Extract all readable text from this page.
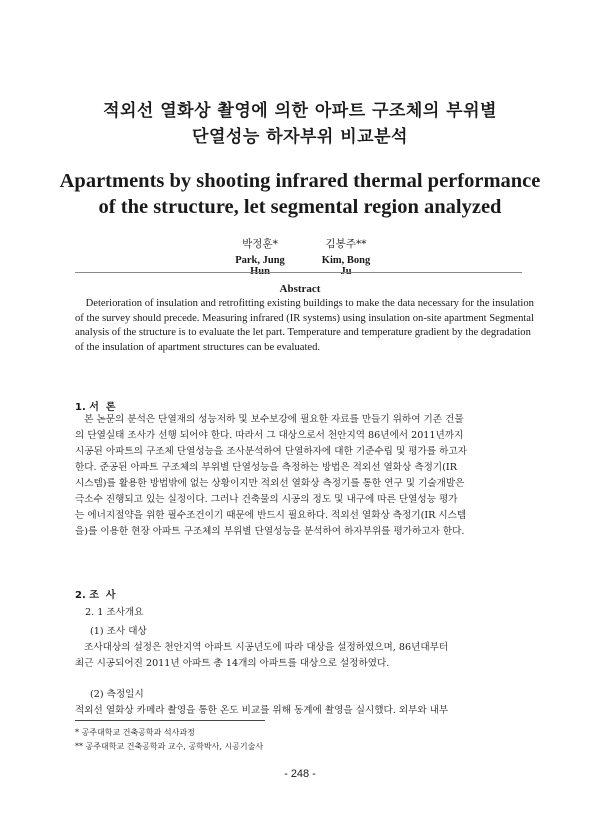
적외선 열화상 촬영에 의한 아파트 구조체의 부위별
단열성능 하자부위 비교분석
Apartments by shooting infrared thermal performance
of the structure, let segmental region analyzed
박정훈*
Park, Jung Hun
김봉주**
Kim, Bong Ju
Abstract
Deterioration of insulation and retrofitting existing buildings to make the data necessary for the insulation
of the survey should precede. Measuring infrared (IR systems) using insulation on-site apartment Segmental
analysis of the structure is to evaluate the let part. Temperature and temperature gradient by the degradation
of the insulation of apartment structures can be evaluated.
1. 서  론
본 논문의 분석은 단열재의 성능저하 및 보수보강에 필요한 자료를 만들기 위하여 기존 건물
의 단열실태 조사가 선행 되어야 한다. 따라서 그 대상으로서 천안지역 86년에서 2011년까지
시공된 아파트의 구조체 단열성능을 조사분석하여 단열하자에 대한 기준수립 및 평가를 하고자
한다. 준공된 아파트 구조체의 부위별 단열성능을 측정하는 방법은 적외선 열화상 측정기(IR
시스템)를 활용한 방법밖에 없는 상황이지만 적외선 열화상 측정기를 통한 연구 및 기술개발은
극소수 진행되고 있는 실정이다. 그러나 건축물의 시공의 정도 및 내구에 따른 단열성능 평가
는 에너지절약을 위한 필수조건이기 때문에 반드시 필요하다. 적외선 열화상 측정기(IR 시스템
을)를 이용한 현장 아파트 구조체의 부위별 단열성능을 분석하여 하자부위를 평가하고자 한다.
2. 조  사
2. 1 조사개요
(1) 조사 대상
조사대상의 설정은 천안지역 아파트 시공년도에 따라 대상을 설정하였으며, 86년대부터
최근 시공되어진 2011년 아파트 총 14개의 아파트를 대상으로 설정하였다.
(2) 측정일시
적외선 열화상 카메라 촬영을 통한 온도 비교를 위해 동계에 촬영을 실시했다. 외부와 내부
* 공주대학교 건축공학과 석사과정
** 공주대학교 건축공학과 교수, 공학박사, 시공기술사
- 248 -
